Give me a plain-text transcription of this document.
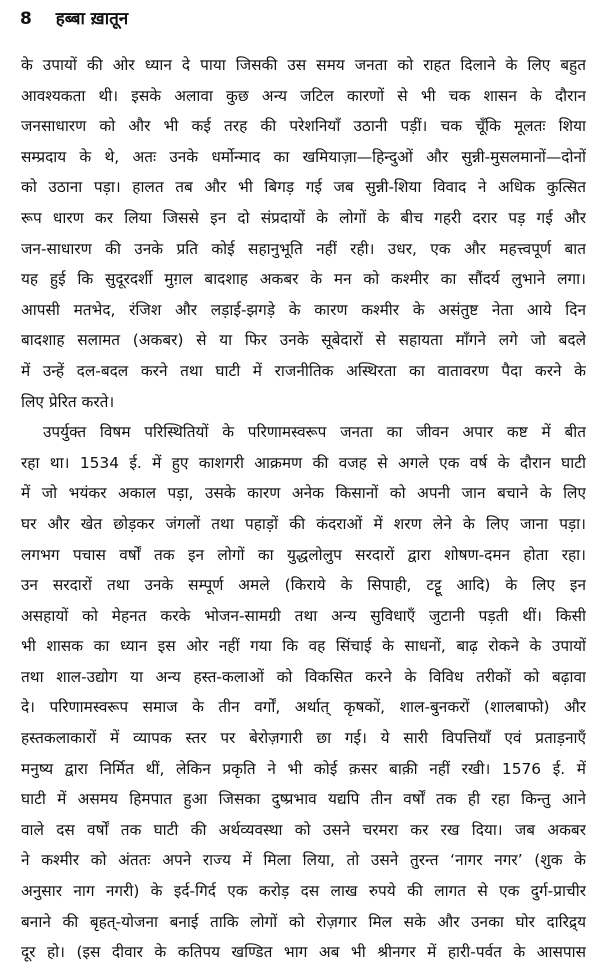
8 हब्बा ख़ातून
के उपायों की ओर ध्यान दे पाया जिसकी उस समय जनता को राहत दिलाने के लिए बहुत
आवश्यकता थी। इसके अलावा कुछ अन्य जटिल कारणों से भी चक शासन के दौरान
जनसाधारण को और भी कई तरह की परेशनियाँ उठानी पड़ीं। चक चूँकि मूलतः शिया
सम्प्रदाय के थे, अतः उनके धर्मोन्माद का खमियाज़ा—हिन्दुओं और सुन्नी-मुसलमानों—दोनों
को उठाना पड़ा। हालत तब और भी बिगड़ गई जब सुन्नी-शिया विवाद ने अधिक कुत्सित
रूप धारण कर लिया जिससे इन दो संप्रदायों के लोगों के बीच गहरी दरार पड़ गई और
जन-साधारण की उनके प्रति कोई सहानुभूति नहीं रही। उधर, एक और महत्त्वपूर्ण बात
यह हुई कि सुदूरदर्शी मुग़ल बादशाह अकबर के मन को कश्मीर का सौंदर्य लुभाने लगा।
आपसी मतभेद, रंजिश और लड़ाई-झगड़े के कारण कश्मीर के असंतुष्ट नेता आये दिन
बादशाह सलामत (अकबर) से या फिर उनके सूबेदारों से सहायता माँगने लगे जो बदले
में उन्हें दल-बदल करने तथा घाटी में राजनीतिक अस्थिरता का वातावरण पैदा करने के
लिए प्रेरित करते।
उपर्युक्त विषम परिस्थितियों के परिणामस्वरूप जनता का जीवन अपार कष्ट में बीत
रहा था। 1534 ई. में हुए काशगरी आक्रमण की वजह से अगले एक वर्ष के दौरान घाटी
में जो भयंकर अकाल पड़ा, उसके कारण अनेक किसानों को अपनी जान बचाने के लिए
घर और खेत छोड़कर जंगलों तथा पहाड़ों की कंदराओं में शरण लेने के लिए जाना पड़ा।
लगभग पचास वर्षों तक इन लोगों का युद्धलोलुप सरदारों द्वारा शोषण-दमन होता रहा।
उन सरदारों तथा उनके सम्पूर्ण अमले (किराये के सिपाही, टट्टू आदि) के लिए इन
असहायों को मेहनत करके भोजन-सामग्री तथा अन्य सुविधाएँ जुटानी पड़ती थीं। किसी
भी शासक का ध्यान इस ओर नहीं गया कि वह सिंचाई के साधनों, बाढ़ रोकने के उपायों
तथा शाल-उद्योग या अन्य हस्त-कलाओं को विकसित करने के विविध तरीकों को बढ़ावा
दे। परिणामस्वरूप समाज के तीन वर्गों, अर्थात् कृषकों, शाल-बुनकरों (शालबाफो) और
हस्तकलाकारों में व्यापक स्तर पर बेरोज़गारी छा गई। ये सारी विपत्तियाँ एवं प्रताड़नाएँ
मनुष्य द्वारा निर्मित थीं, लेकिन प्रकृति ने भी कोई क़सर बाक़ी नहीं रखी। 1576 ई. में
घाटी में असमय हिमपात हुआ जिसका दुष्प्रभाव यद्यपि तीन वर्षों तक ही रहा किन्तु आने
वाले दस वर्षों तक घाटी की अर्थव्यवस्था को उसने चरमरा कर रख दिया। जब अकबर
ने कश्मीर को अंततः अपने राज्य में मिला लिया, तो उसने तुरन्त ‘नागर नगर’ (शुक के
अनुसार नाग नगरी) के इर्द-गिर्द एक करोड़ दस लाख रुपये की लागत से एक दुर्ग-प्राचीर
बनाने की बृहत्-योजना बनाई ताकि लोगों को रोज़गार मिल सके और उनका घोर दारिद्र्य
दूर हो। (इस दीवार के कतिपय खण्डित भाग अब भी श्रीनगर में हारी-पर्वत के आसपास
